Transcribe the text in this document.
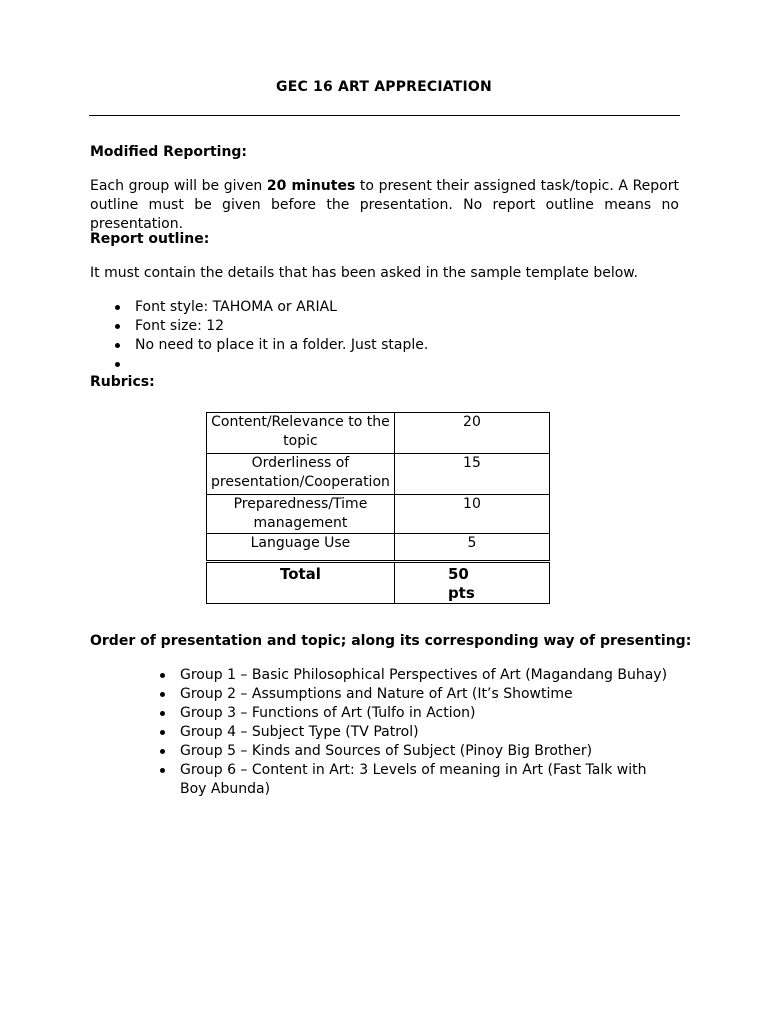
GEC 16 ART APPRECIATION
Modified Reporting:
Each group will be given 20 minutes to present their assigned task/topic. A Report outline must be given before the presentation. No report outline means no presentation.
Report outline:
It must contain the details that has been asked in the sample template below.
Font style: TAHOMA or ARIAL
Font size: 12
No need to place it in a folder. Just staple.
Rubrics:
Content/Relevance to the topic	20
Orderliness of presentation/Cooperation	15
Preparedness/Time management	10
Language Use	5
Total	50 pts
Order of presentation and topic; along its corresponding way of presenting:
Group 1 – Basic Philosophical Perspectives of Art (Magandang Buhay)
Group 2 – Assumptions and Nature of Art (It’s Showtime
Group 3 – Functions of Art (Tulfo in Action)
Group 4 – Subject Type (TV Patrol)
Group 5 – Kinds and Sources of Subject (Pinoy Big Brother)
Group 6 – Content in Art: 3 Levels of meaning in Art (Fast Talk with Boy Abunda)
